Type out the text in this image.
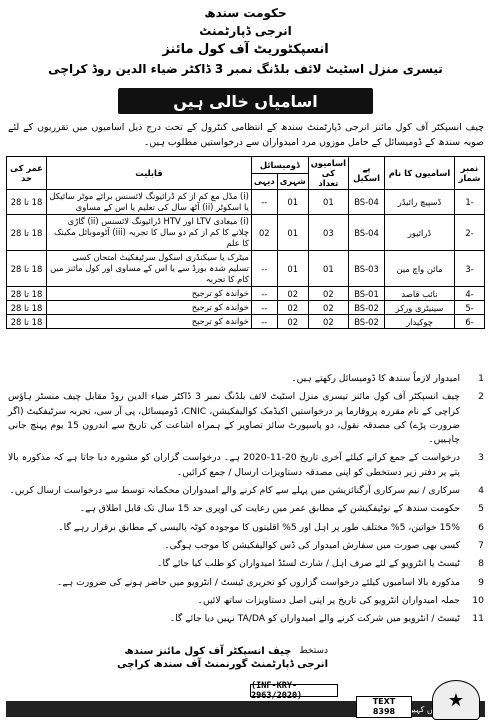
حکومت سندھ
انرجی ڈپارٹمنٹ
انسپکٹوریٹ آف کول مائنز
تیسری منزل اسٹیٹ لائف بلڈنگ نمبر 3 ڈاکٹر ضیاء الدین روڈ کراچی
اسامیاں خالی ہیں
چیف انسپکٹر آف کول مائنز انرجی ڈپارٹمنٹ سندھ کے انتظامی کنٹرول کے تحت درج ذیل اسامیوں میں تقرریوں کے لئے صوبہ سندھ کے ڈومیسائل کے حامل موزوں مرد امیدواران سے درخواستیں مطلوب ہیں۔
نمبر شمار	اسامیوں کا نام	پے اسکیل	اسامیوں کی تعداد	ڈومیسائل		قابلیت	عمر کی حد
				شہری	دیہی		
-1	ڈسپیچ رائیڈر	BS-04	01	01	--	(i) مڈل مع کم از کم ڈرائیونگ لائسنس برائے موٹر سائیکل یا اسکوٹر (ii) آٹھ سال کی تعلیم یا اس کے مساوی	18 تا 28
-2	ڈرائیور	BS-04	03	01	02	(i) میعادی LTV اور HTV ڈرائیونگ لائسنس (ii) گاڑی چلانے کا کم از کم دو سال کا تجربہ (iii) آٹوموبائل مکینک کا علم	18 تا 28
-3	مائن واچ مین	BS-03	01	01	--	میٹرک یا سیکنڈری اسکول سرٹیفکیٹ امتحان کسی تسلیم شدہ بورڈ سے یا اس کے مساوی اور کول مائنز میں کام کا تجربہ	18 تا 28
-4	نائب قاصد	BS-01	02	02	--	خواندہ کو ترجیح	18 تا 28
-5	سینیٹری ورکر	BS-02	02	02	--	خواندہ کو ترجیح	18 تا 28
-6	چوکیدار	BS-02	02	02	--	خواندہ کو ترجیح	18 تا 28
1
امیدوار لازماً سندھ کا ڈومیسائل رکھتے ہیں۔
2
چیف انسپکٹر آف کول مائنز تیسری منزل اسٹیٹ لائف بلڈنگ نمبر 3 ڈاکٹر ضیاء الدین روڈ مقابل چیف منسٹر ہاؤس کراچی کے نام مقررہ پروفارما پر درخواستیں اکیڈمک کوالیفکیشن، CNIC، ڈومیسائل، پی آر سی، تجربہ سرٹیفکیٹ (اگر ضرورت پڑے) کی مصدقہ نقول، دو پاسپورٹ سائز تصاویر کے ہمراہ اشاعت کی تاریخ سے اندرون 15 یوم پہنچ جانی چاہییں۔
3
درخواست کے جمع کرانے کیلئے آخری تاریخ 20-11-2020 ہے۔ درخواست گزاران کو مشورہ دیا جاتا ہے کہ مذکورہ بالا پتے پر دفتر زیر دستخطی کو اپنی مصدقہ دستاویزات ارسال / جمع کرائیں۔
4
سرکاری / نیم سرکاری آرگنائزیشن میں پہلے سے کام کرنے والے امیدواران محکمانہ توسط سے درخواست ارسال کریں۔
5
حکومت سندھ کے نوٹیفکیشن کے مطابق عمر میں رعایت کی اوپری حد 15 سال تک قابل اطلاق ہے۔
6
15% خواتین، 5% مختلف طور پر اہل اور 5% اقلیتوں کا موجودہ کوٹہ پالیسی کے مطابق برقرار رہے گا۔
7
کسی بھی صورت میں سفارش امیدوار کی ڈس کوالیفکیشن کا موجب ہوگی۔
8
ٹیسٹ یا انٹرویو کے لئے صرف اہل / شارٹ لسٹڈ امیدواران کو طلب کیا جائے گا۔
9
مذکورہ بالا اسامیوں کیلئے درخواست گزاروں کو تحریری ٹیسٹ / انٹرویو میں حاضر ہونے کی ضرورت ہے۔
10
جملہ امیدواران انٹرویو کی تاریخ پر اپنی اصل دستاویزات ساتھ لائیں۔
11
ٹیسٹ / انٹرویو میں شرکت کرنے والے امیدواران کو TA/DA نہیں دیا جائے گا۔
دستخط
چیف انسپکٹر آف کول مائنز سندھ
انرجی ڈپارٹمنٹ گورنمنٹ آف سندھ کراچی
(INF-KRY-2963/2020)
کہیں
TEXT
8398
★
